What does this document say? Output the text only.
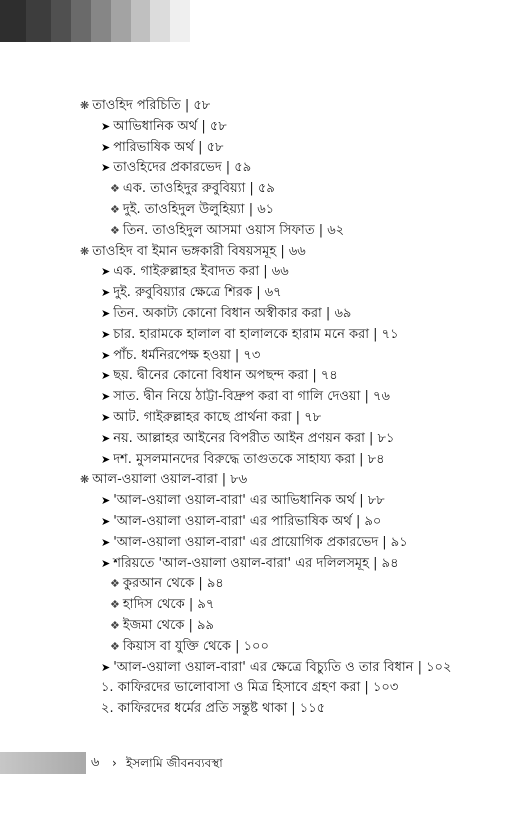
❋ তাওহিদ পরিচিতি | ৫৮
➤ আভিধানিক অর্থ | ৫৮
➤ পারিভাষিক অর্থ | ৫৮
➤ তাওহিদের প্রকারভেদ | ৫৯
❖ এক. তাওহিদুর রুবুবিয়্যা | ৫৯
❖ দুই. তাওহিদুল উলুহিয়্যা | ৬১
❖ তিন. তাওহিদুল আসমা ওয়াস সিফাত | ৬২
❋ তাওহিদ বা ইমান ভঙ্গকারী বিষয়সমূহ | ৬৬
➤ এক. গাইরুল্লাহর ইবাদত করা | ৬৬
➤ দুই. রুবুবিয়্যার ক্ষেত্রে শিরক | ৬৭
➤ তিন. অকাট্য কোনো বিধান অস্বীকার করা | ৬৯
➤ চার. হারামকে হালাল বা হালালকে হারাম মনে করা | ৭১
➤ পাঁচ. ধর্মনিরপেক্ষ হওয়া | ৭৩
➤ ছয়. দ্বীনের কোনো বিধান অপছন্দ করা | ৭৪
➤ সাত. দ্বীন নিয়ে ঠাট্টা-বিদ্রুপ করা বা গালি দেওয়া | ৭৬
➤ আট. গাইরুল্লাহর কাছে প্রার্থনা করা | ৭৮
➤ নয়. আল্লাহর আইনের বিপরীত আইন প্রণয়ন করা | ৮১
➤ দশ. মুসলমানদের বিরুদ্ধে তাগুতকে সাহায্য করা | ৮৪
❋ আল-ওয়ালা ওয়াল-বারা | ৮৬
➤ 'আল-ওয়ালা ওয়াল-বারা' এর আভিধানিক অর্থ | ৮৮
➤ 'আল-ওয়ালা ওয়াল-বারা' এর পারিভাষিক অর্থ | ৯০
➤ 'আল-ওয়ালা ওয়াল-বারা' এর প্রায়োগিক প্রকারভেদ | ৯১
➤ শরিয়তে 'আল-ওয়ালা ওয়াল-বারা' এর দলিলসমূহ | ৯৪
❖ কুরআন থেকে | ৯৪
❖ হাদিস থেকে | ৯৭
❖ ইজমা থেকে | ৯৯
❖ কিয়াস বা যুক্তি থেকে | ১০০
➤ 'আল-ওয়ালা ওয়াল-বারা' এর ক্ষেত্রে বিচ্যুতি ও তার বিধান | ১০২
১. কাফিরদের ভালোবাসা ও মিত্র হিসাবে গ্রহণ করা | ১০৩
২. কাফিরদের ধর্মের প্রতি সন্তুষ্ট থাকা | ১১৫
৬ › ইসলামি জীবনব্যবস্থা
